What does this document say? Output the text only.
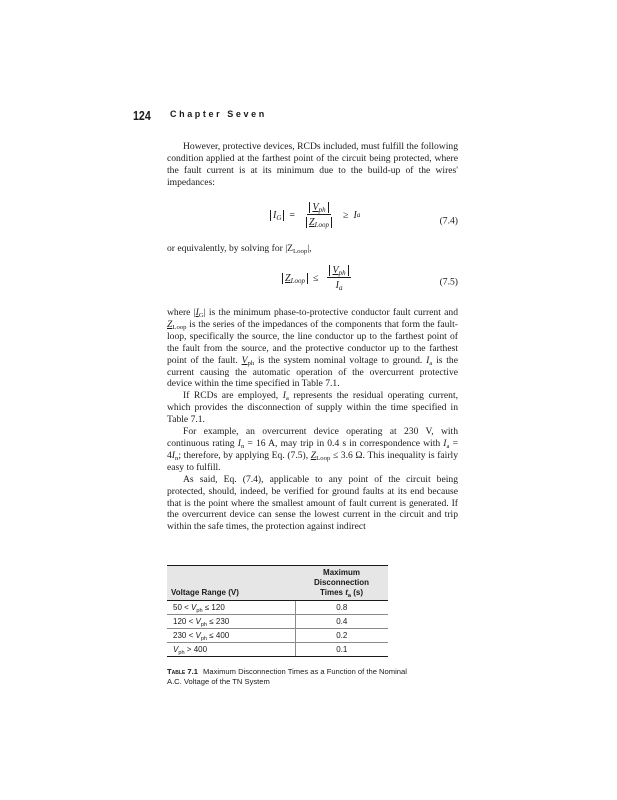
124 Chapter Seven

However, protective devices, RCDs included, must fulfill the following condition applied at the farthest point of the circuit being protected, where the fault current is at its minimum due to the build-up of the wires' impedances:

$I_G = \frac{V_{ph}}{Z_{Loop}} \ge I$ a
(7.4)

or equivalently, by solving for $|Z_{Loop}|$,

$Z_{Loop} \le \frac{V_{ph}}{I_a}$	(7.5)

where $|I_G|$ is the minimum phase-to-protective conductor fault current and $Z_{Loop}$ is the series of the impedances of the components that form the fault-loop, specifically the source, the line conductor up to the farthest point of the fault from the source, and the protective conductor up to the farthest point of the fault. $V_{ph}$ is the system nominal voltage to ground. $I_a$ is the current causing the automatic operation of the overcurrent protective device within the time specified in Table 7.1.

If RCDs are employed, $I_a$ represents the residual operating current, which provides the disconnection of supply within the time specified in Table 7.1.

For example, an overcurrent device operating at 230 V, with continuous rating $I_n = 16$ A, may trip in 0.4 s in correspondence with $I_a = 4I_n$; therefore, by applying Eq. (7.5), $Z_{Loop} \le 3.6$ Ω. This inequality is fairly easy to fulfill.

As said, Eq. (7.4), applicable to any point of the circuit being protected, should, indeed, be verified for ground faults at its end because that is the point where the smallest amount of fault current is generated. If the overcurrent device can sense the lowest current in the circuit and trip within the safe times, the protection against indirect

Voltage Range (V)	Maximum Disconnection
Times $t_a$ (s)
$50 < V_{ph} \le 120$	0.8
$120 < V_{ph} \le 230$	0.4
$230 < V_{ph} \le 400$	0.2
$V_{ph} > 400$	0.1
Table 7.1 Maximum Disconnection Times as a Function of the Nominal A.C. Voltage of the TN System
